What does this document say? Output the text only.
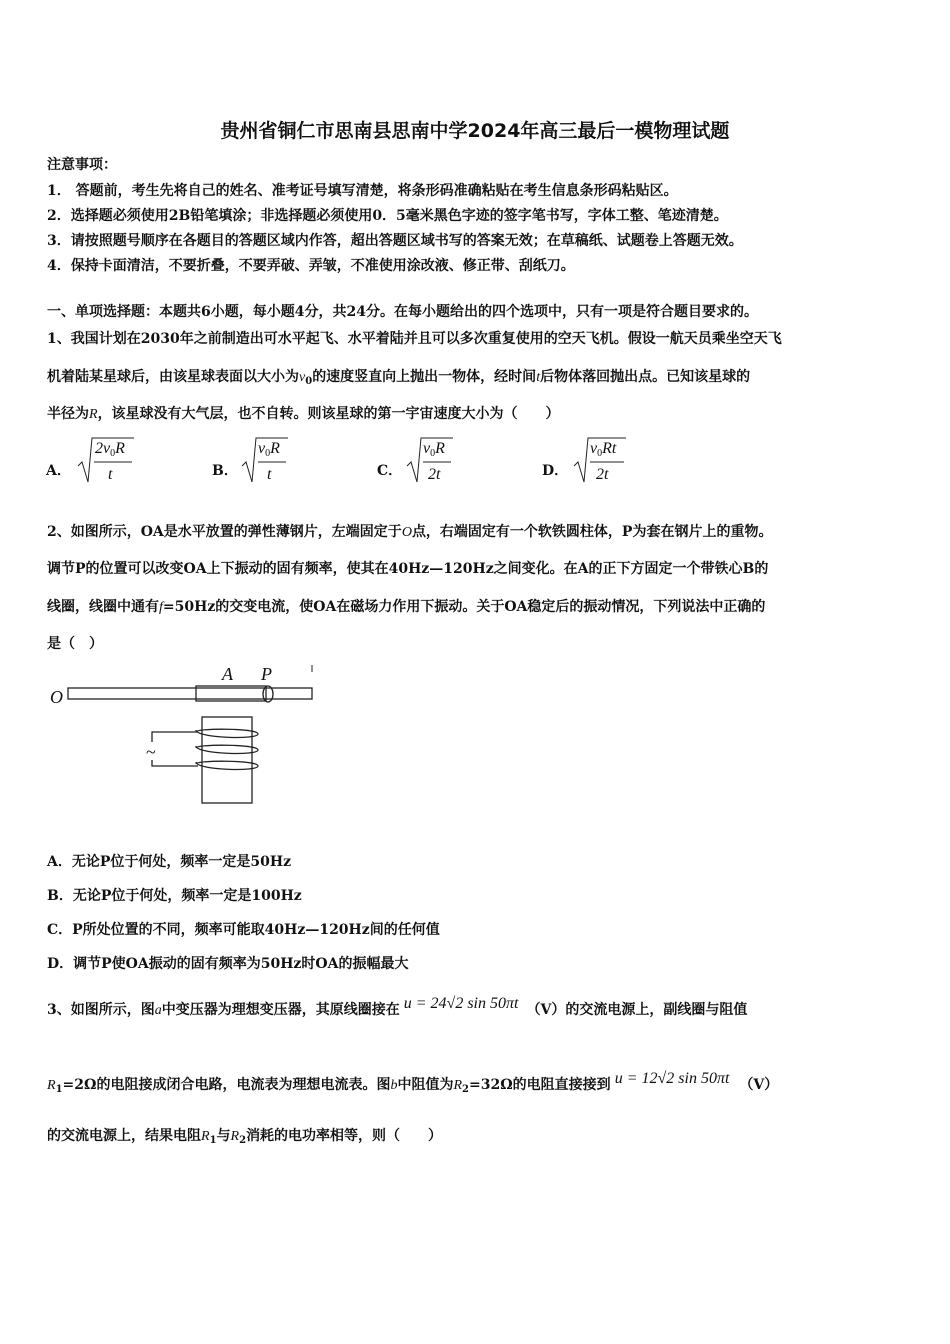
贵州省铜仁市思南县思南中学2024年高三最后一模物理试题
注意事项：
1． 答题前，考生先将自己的姓名、准考证号填写清楚，将条形码准确粘贴在考生信息条形码粘贴区。
2．选择题必须使用2B铅笔填涂；非选择题必须使用0．5毫米黑色字迹的签字笔书写，字体工整、笔迹清楚。
3．请按照题号顺序在各题目的答题区域内作答，超出答题区域书写的答案无效；在草稿纸、试题卷上答题无效。
4．保持卡面清洁，不要折叠，不要弄破、弄皱，不准使用涂改液、修正带、刮纸刀。
一、单项选择题：本题共6小题，每小题4分，共24分。在每小题给出的四个选项中，只有一项是符合题目要求的。
1、我国计划在2030年之前制造出可水平起飞、水平着陆并且可以多次重复使用的空天飞机。假设一航天员乘坐空天飞
机着陆某星球后，由该星球表面以大小为$v_0$的速度竖直向上抛出一物体，经时间t后物体落回抛出点。已知该星球的
半径为R，该星球没有大气层，也不自转。则该星球的第一宇宙速度大小为（　　）
A．
$2v_0R$
t	B．
$v_0R$
t	C．
$v_0R$
2t	D．
$v_0Rt$
2t
2、如图所示，OA是水平放置的弹性薄钢片，左端固定于O点，右端固定有一个软铁圆柱体，P为套在钢片上的重物。
调节P的位置可以改变OA上下振动的固有频率，使其在40Hz—120Hz之间变化。在A的正下方固定一个带铁心B的
线圈，线圈中通有f=50Hz的交变电流，使OA在磁场力作用下振动。关于OA稳定后的振动情况，下列说法中正确的
是（　）
O
A P
~
A．无论P位于何处，频率一定是50Hz
B．无论P位于何处，频率一定是100Hz
C．P所处位置的不同，频率可能取40Hz—120Hz间的任何值
D．调节P使OA振动的固有频率为50Hz时OA的振幅最大
3、如图所示，图a中变压器为理想变压器，其原线圈接在 u = 24√2 sin 50πt （V）的交流电源上，副线圈与阻值
$R_1=2\Omega$的电阻接成闭合电路，电流表为理想电流表。图b中阻值为$R_2=32\Omega$的电阻直接接到 u = 12√2 sin 50πt （V）
的交流电源上，结果电阻$R_1$与$R_2$消耗的电功率相等，则（　　）
